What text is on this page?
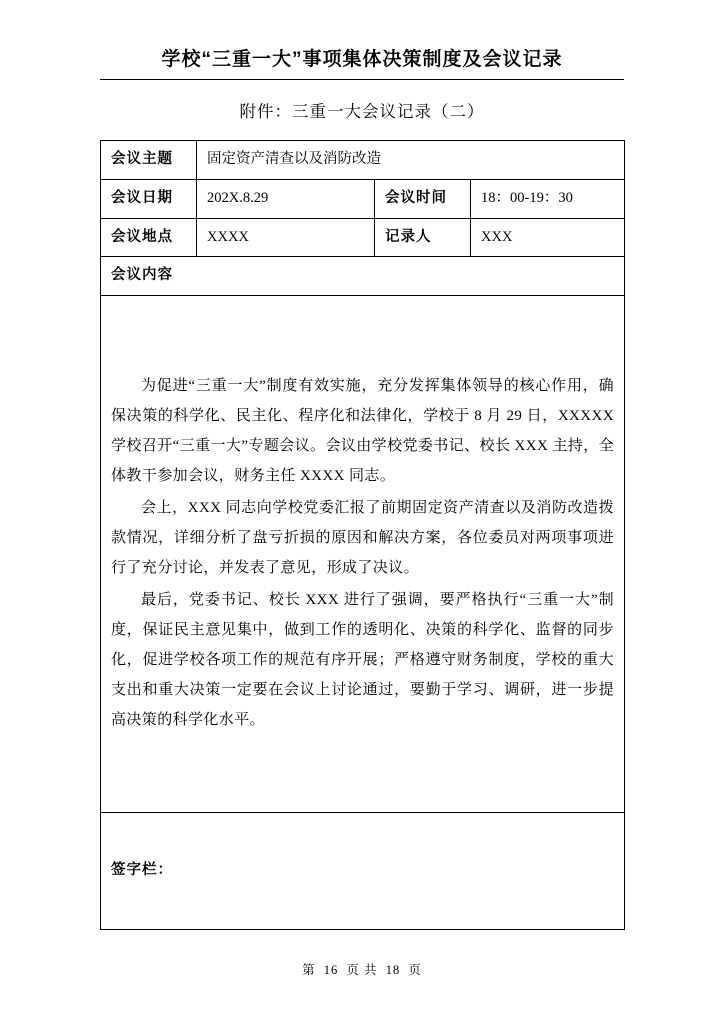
学校“三重一大”事项集体决策制度及会议记录
附件：三重一大会议记录（二）
会议主题	固定资产清查以及消防改造		
会议日期	202X.8.29	会议时间	18：00-19：30
会议地点	XXXX	记录人	XXX
会议内容			

为促进“三重一大”制度有效实施，充分发挥集体领导的核心作用，确保决策的科学化、民主化、程序化和法律化，学校于 8 月 29 日，XXXXX 学校召开“三重一大”专题会议。会议由学校党委书记、校长 XXX 主持，全体教干参加会议，财务主任 XXXX 同志。

会上，XXX 同志向学校党委汇报了前期固定资产清查以及消防改造拨款情况，详细分析了盘亏折损的原因和解决方案，各位委员对两项事项进行了充分讨论，并发表了意见，形成了决议。

最后，党委书记、校长 XXX 进行了强调，要严格执行“三重一大”制度，保证民主意见集中，做到工作的透明化、决策的科学化、监督的同步化，促进学校各项工作的规范有序开展；严格遵守财务制度，学校的重大支出和重大决策一定要在会议上讨论通过，要勤于学习、调研，进一步提高决策的科学化水平。			

签字栏：			
第 16 页 共 18 页
